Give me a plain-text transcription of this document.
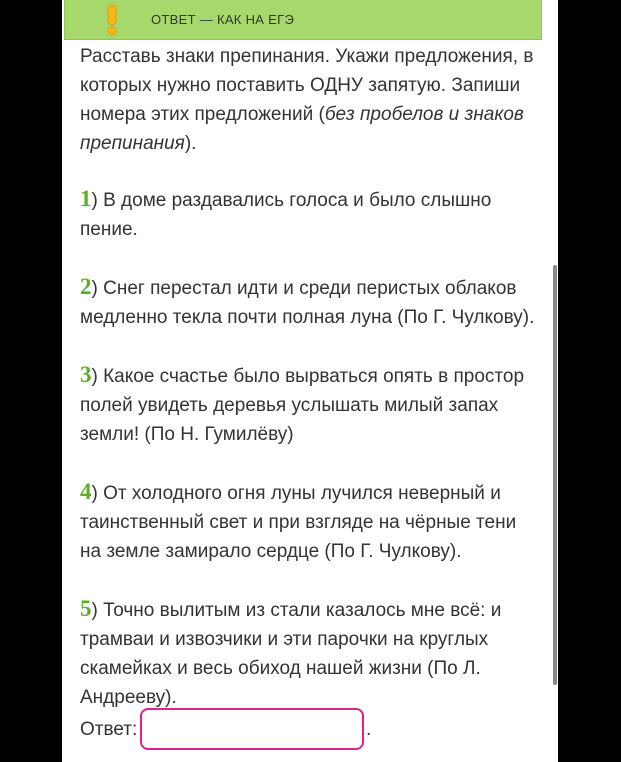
ОТВЕТ — КАК НА ЕГЭ

Расставь знаки препинания. Укажи предложения, в которых нужно поставить ОДНУ запятую. Запиши номера этих предложений (без пробелов и знаков препинания).

1) В доме раздавались голоса и было слышно пение.
2) Снег перестал идти и среди перистых облаков медленно текла почти полная луна (По Г. Чулкову).
3) Какое счастье было вырваться опять в простор полей увидеть деревья услышать милый запах земли! (По Н. Гумилёву)
4) От холодного огня луны лучился неверный и таинственный свет и при взгляде на чёрные тени на земле замирало сердце (По Г. Чулкову).
5) Точно вылитым из стали казалось мне всё: и трамваи и извозчики и эти парочки на круглых скамейках и весь обиход нашей жизни (По Л. Андрееву).
Ответ:	.
